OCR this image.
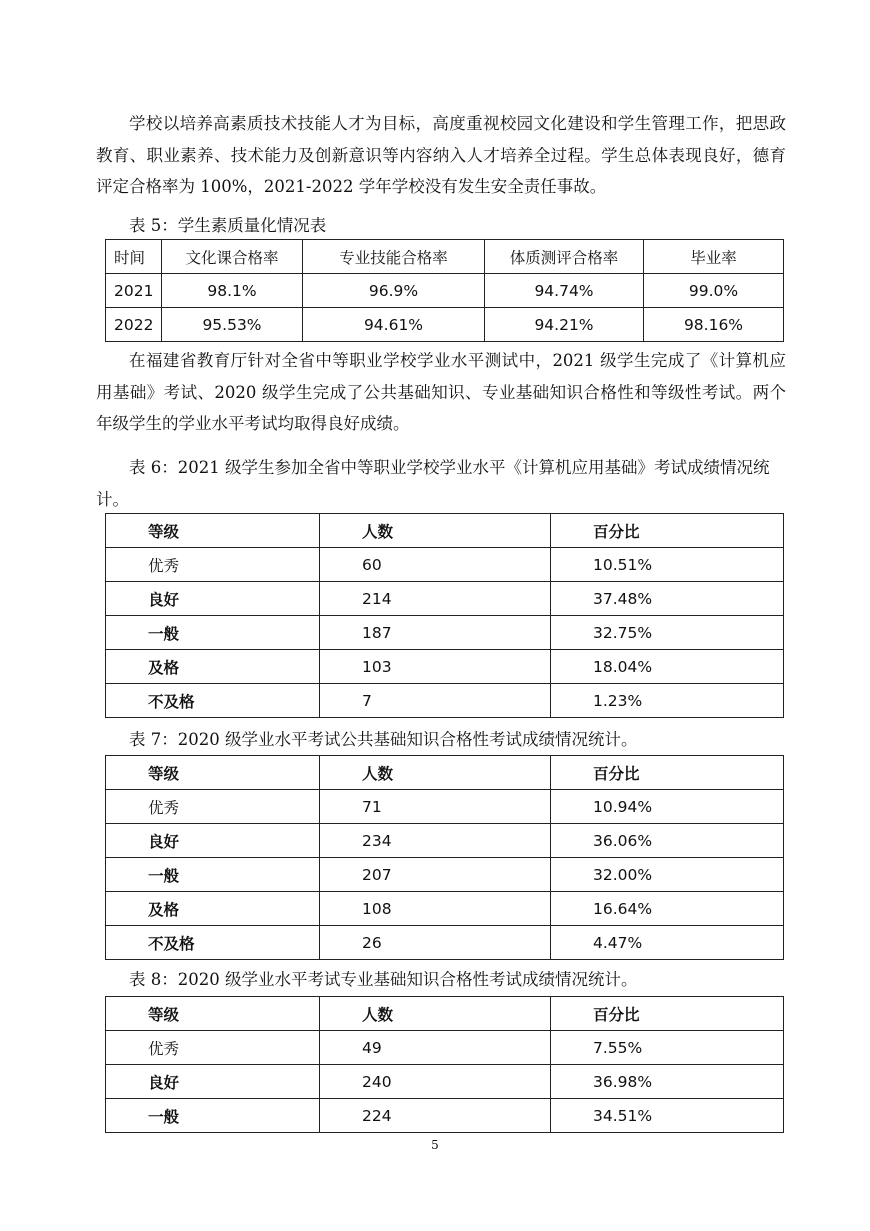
学校以培养高素质技术技能人才为目标，高度重视校园文化建设和学生管理工作，把思政教育、职业素养、技术能力及创新意识等内容纳入人才培养全过程。学生总体表现良好，德育评定合格率为 100%，2021-2022 学年学校没有发生安全责任事故。

表 5：学生素质量化情况表

时间	文化课合格率	专业技能合格率	体质测评合格率	毕业率
2021	98.1%	96.9%	94.74%	99.0%
2022	95.53%	94.61%	94.21%	98.16%

在福建省教育厅针对全省中等职业学校学业水平测试中，2021 级学生完成了《计算机应用基础》考试、2020 级学生完成了公共基础知识、专业基础知识合格性和等级性考试。两个年级学生的学业水平考试均取得良好成绩。

表 6：2021 级学生参加全省中等职业学校学业水平《计算机应用基础》考试成绩情况统计。

等级	人数	百分比
优秀	60	10.51%
良好	214	37.48%
一般	187	32.75%
及格	103	18.04%
不及格	7	1.23%

表 7：2020 级学业水平考试公共基础知识合格性考试成绩情况统计。

等级	人数	百分比
优秀	71	10.94%
良好	234	36.06%
一般	207	32.00%
及格	108	16.64%
不及格	26	4.47%

表 8：2020 级学业水平考试专业基础知识合格性考试成绩情况统计。

等级	人数	百分比
优秀	49	7.55%
良好	240	36.98%
一般	224	34.51%
5
